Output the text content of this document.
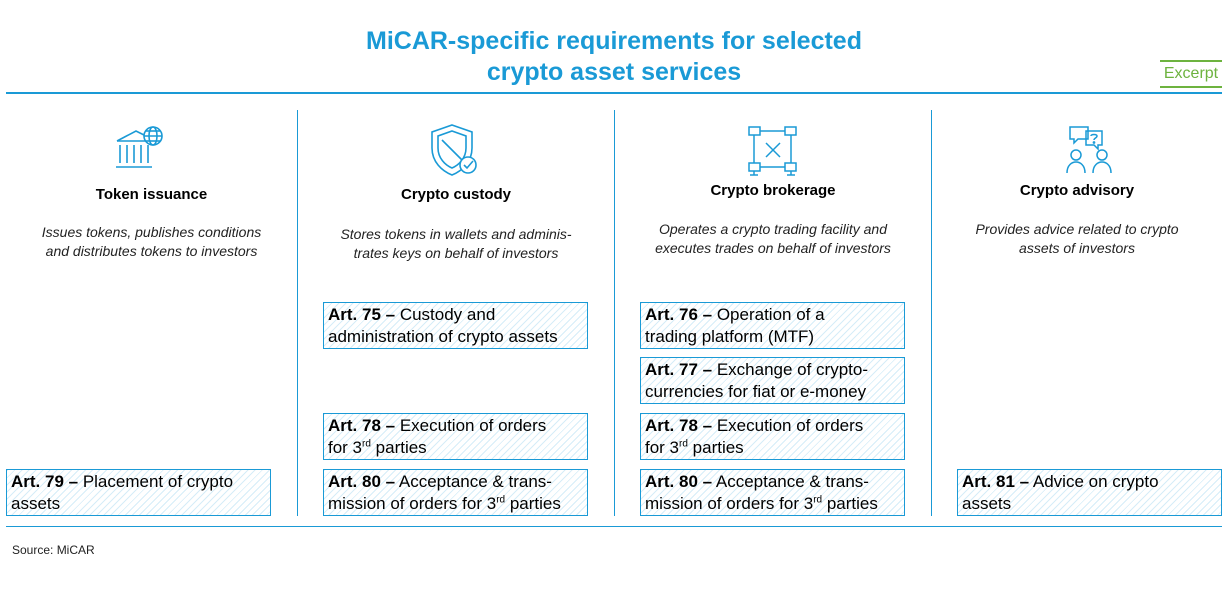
MiCAR-specific requirements for selected
crypto asset services	Excerpt
Token issuance
Issues tokens, publishes conditions
and distributes tokens to investors
Crypto custody
Stores tokens in wallets and adminis-
trates keys on behalf of investors
Crypto brokerage
Operates a crypto trading facility and
executes trades on behalf of investors
Crypto advisory
Provides advice related to crypto
assets of investors
Art. 79 – Placement of crypto
assets
Art. 75 – Custody and
administration of crypto assets
Art. 78 – Execution of orders
for 3rd parties
Art. 80 – Acceptance & trans-
mission of orders for 3rd parties
Art. 76 – Operation of a
trading platform (MTF)
Art. 77 – Exchange of crypto-
currencies for fiat or e-money
Art. 78 – Execution of orders
for 3rd parties
Art. 80 – Acceptance & trans-
mission of orders for 3rd parties
Art. 81 – Advice on crypto
assets
Source: MiCAR
